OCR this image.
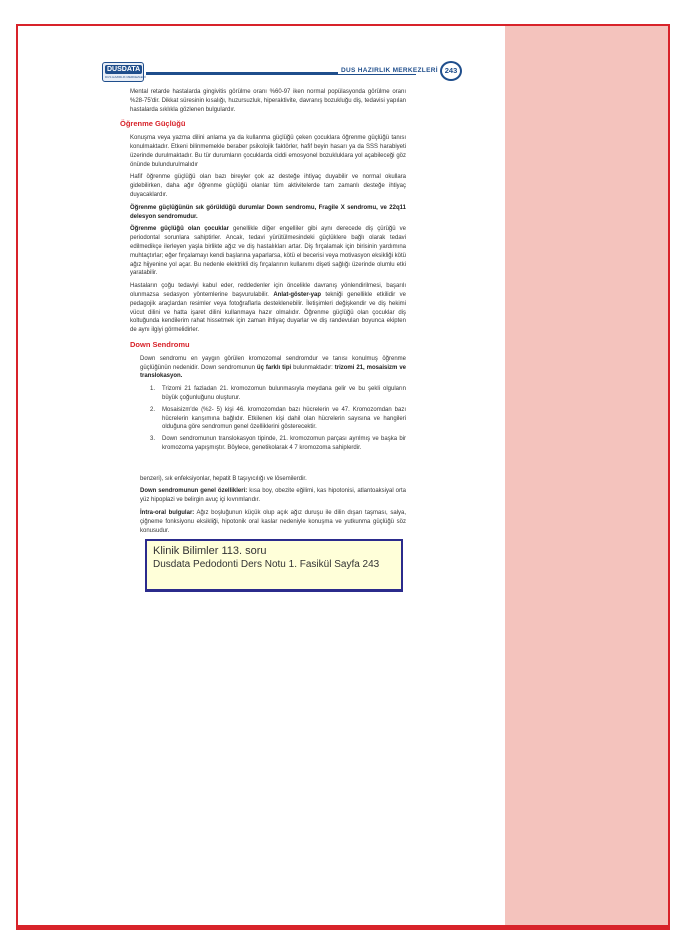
DUSDATA
DUS HAZIRLIK MERKEZLERİ
DUS HAZIRLIK MERKEZLERİ 243

Mental retarde hastalarda gingivitis görülme oranı %60-97 iken normal popülasyonda görülme oranı %28-75'dir. Dikkat süresinin kısalığı, huzursuzluk, hiperaktivite, davranış bozukluğu diş, tedavisi yapılan hastalarda sıklıkla gözlenen bulgulardır.

Öğrenme Güçlüğü

Konuşma veya yazma dilini anlama ya da kullanma güçlüğü çeken çocuklara öğrenme güçlüğü tanısı konulmaktadır. Etkeni bilinmemekle beraber psikolojik faktörler, hafif beyin hasarı ya da SSS harabiyeti üzerinde durulmaktadır. Bu tür durumların çocuklarda ciddi emosyonel bozukluklara yol açabileceği göz önünde bulundurulmalıdır

Hafif öğrenme güçlüğü olan bazı bireyler çok az desteğe ihtiyaç duyabilir ve normal okullara gidebilirken, daha ağır öğrenme güçlüğü olanlar tüm aktivitelerde tam zamanlı desteğe ihtiyaç duyacaklardır.

Öğrenme güçlüğünün sık görüldüğü durumlar Down sendromu, Fragile X sendromu, ve 22q11 delesyon sendromudur.

Öğrenme güçlüğü olan çocuklar genellikle diğer engelliler gibi aynı derecede diş çürüğü ve periodontal sorunlara sahiptirler. Ancak, tedavi yürütülmesindeki güçlüklere bağlı olarak tedavi edilmedikçe ilerleyen yaşla birlikte ağız ve diş hastalıkları artar. Diş fırçalamak için birisinin yardımına muhtaçtırlar; eğer fırçalamayı kendi başlarına yaparlarsa, kötü el becerisi veya motivasyon eksikliği kötü ağız hijyenine yol açar. Bu nedenle elektrikli diş fırçalarının kullanımı dişeti sağlığı üzerinde olumlu etki yaratabilir.

Hastaların çoğu tedaviyi kabul eder, reddedenler için öncelikle davranış yönlendirilmesi, başarılı olunmazsa sedasyon yöntemlerine başvurulabilir. Anlat-göster-yap tekniği genellikle etkilidir ve pedagojik araçlardan resimler veya fotoğraflarla desteklenebilir. İletişimleri değişkendir ve diş hekimi vücut dilini ve hatta işaret dilini kullanmaya hazır olmalıdır. Öğrenme güçlüğü olan çocuklar diş koltuğunda kendilerim rahat hissetmek için zaman ihtiyaç duyarlar ve diş randevuları boyunca ekipten de aynı ilgiyi görmelidirler.

Down Sendromu

Down sendromu en yaygın görülen kromozomal sendromdur ve tanısı konulmuş öğrenme güçlüğünün nedenidir. Down sendromunun üç farklı tipi bulunmaktadır: trizomi 21, mosaisizm ve translokasyon.

1. Trizomi 21 fazladan 21. kromozomun bulunmasıyla meydana gelir ve bu şekli olguların büyük çoğunluğunu oluşturur.
2. Mosaisizm'de (%2- 5) kişi 46. kromozomdan bazı hücrelerin ve 47. Kromozomdan bazı hücrelerin karışımına bağlıdır. Etkilenen kişi dahil olan hücrelerin sayısına ve hangileri olduğuna göre sendromun genel özelliklerini gösterecektir.
3. Down sendromunun translokasyon tipinde, 21. kromozomun parçası ayrılmış ve başka bir kromozoma yapışmıştır. Böylece, genetikolarak 4 7 kromozoma sahiplerdir.

benzeri), sık enfeksiyonlar, hepatit B taşıyıcılığı ve lösemilerdir.

Down sendromunun genel özellikleri: kısa boy, obezite eğilimi, kas hipotonisi, atlantoaksiyal orta yüz hipoplazi ve belirgin avuç içi kıvrımlarıdır.

İntra-oral bulgular: Ağız boşluğunun küçük olup açık ağız duruşu ile dilin dışarı taşması, salya, çiğneme fonksiyonu eksikliği, hipotonik oral kaslar nedeniyle konuşma ve yutkunma güçlüğü söz konusudur.

Klinik Bilimler 113. soru
Dusdata Pedodonti Ders Notu 1. Fasikül Sayfa 243
